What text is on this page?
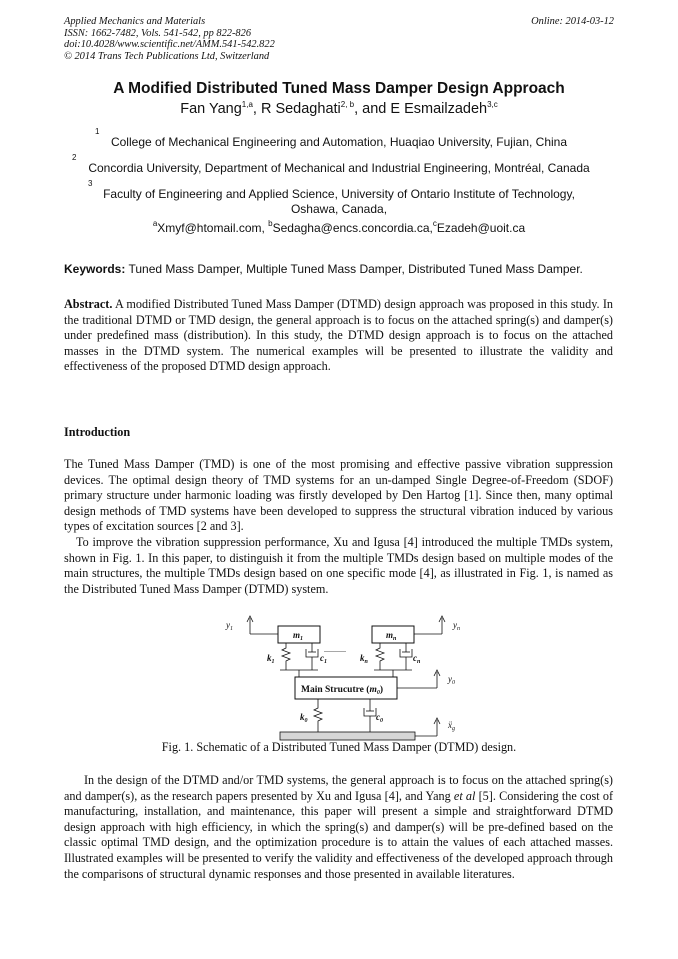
Applied Mechanics and Materials
ISSN: 1662-7482, Vols. 541-542, pp 822-826
doi:10.4028/www.scientific.net/AMM.541-542.822
© 2014 Trans Tech Publications Ltd, Switzerland
Online: 2014-03-12
A Modified Distributed Tuned Mass Damper Design Approach
Fan Yang$^{1,a}$, R Sedaghati$^{2, b}$, and E Esmailzadeh$^{3,c}$
1
College of Mechanical Engineering and Automation, Huaqiao University, Fujian, China
2
Concordia University, Department of Mechanical and Industrial Engineering, Montréal, Canada
3
Faculty of Engineering and Applied Science, University of Ontario Institute of Technology,
Oshawa, Canada,
$^a$Xmyf@htomail.com, $^b$Sedagha@encs.concordia.ca,$^c$Ezadeh@uoit.ca
Keywords: Tuned Mass Damper, Multiple Tuned Mass Damper, Distributed Tuned Mass Damper.
Abstract. A modified Distributed Tuned Mass Damper (DTMD) design approach was proposed in this study. In the traditional DTMD or TMD design, the general approach is to focus on the attached spring(s) and damper(s) under predefined mass (distribution). In this study, the DTMD design approach is to focus on the attached masses in the DTMD system. The numerical examples will be presented to illustrate the validity and effectiveness of the proposed DTMD design approach.
Introduction
The Tuned Mass Damper (TMD) is one of the most promising and effective passive vibration suppression devices. The optimal design theory of TMD systems for an un-damped Single Degree-of-Freedom (SDOF) primary structure under harmonic loading was firstly developed by Den Hartog [1]. Since then, many optimal design methods of TMD systems have been developed to suppress the structural vibration induced by various types of excitation sources [2 and 3].
To improve the vibration suppression performance, Xu and Igusa [4] introduced the multiple TMDs system, shown in Fig. 1. In this paper, to distinguish it from the multiple TMDs design based on multiple modes of the main structures, the multiple TMDs design based on one specific mode [4], as illustrated in Fig. 1, is named as the Distributed Tuned Mass Damper (DTMD) system.
$m_1$	$m_n$
$y_1$	$y_n$
$k_1$	$c_1$	$k_n$	$c_n$
...........
Main Strucutre $(m_0)$
$y_0$
$k_0$	$c_0$	ẍ$_g$
Fig. 1. Schematic of a Distributed Tuned Mass Damper (DTMD) design.
In the design of the DTMD and/or TMD systems, the general approach is to focus on the attached spring(s) and damper(s), as the research papers presented by Xu and Igusa [4], and Yang et al [5]. Considering the cost of manufacturing, installation, and maintenance, this paper will present a simple and straightforward DTMD design approach with high efficiency, in which the spring(s) and damper(s) will be pre-defined based on the classic optimal TMD design, and the optimization procedure is to attain the values of each attached masses. Illustrated examples will be presented to verify the validity and effectiveness of the developed approach through the comparisons of structural dynamic responses and those presented in available literatures.
